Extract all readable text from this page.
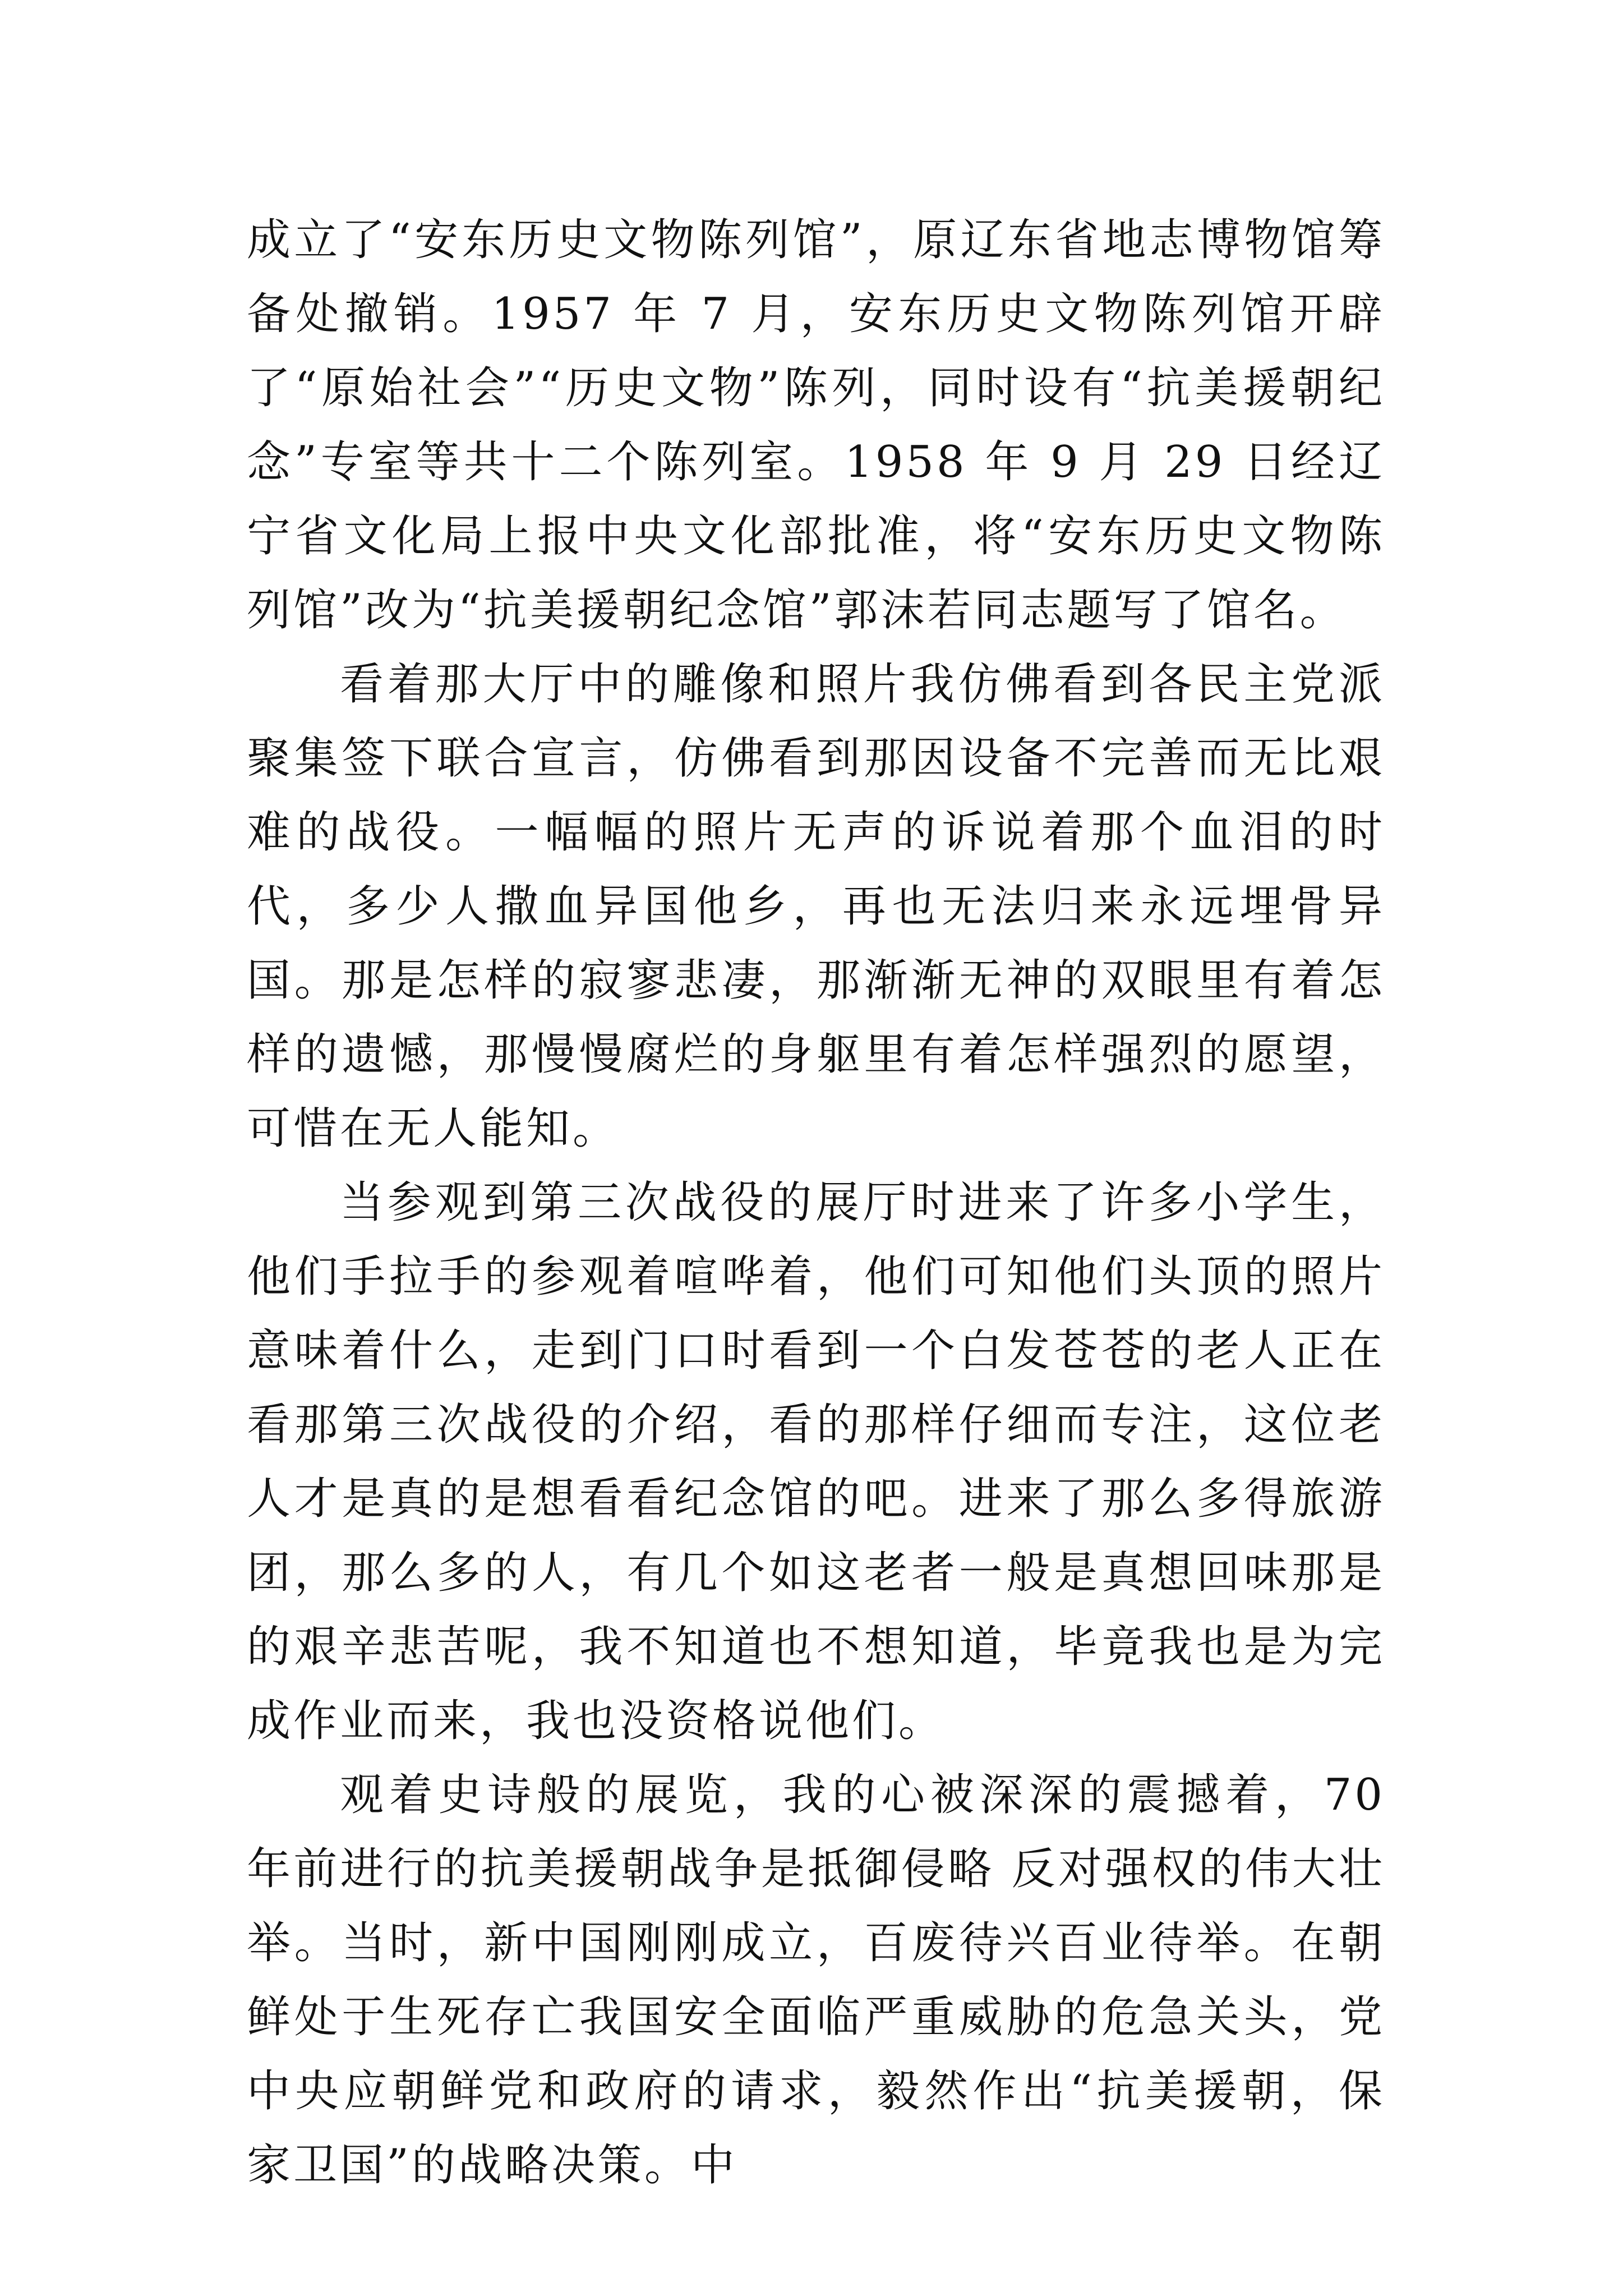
成立了“安东历史文物陈列馆”，原辽东省地志博物馆筹备处撤销。1957 年 7 月，安东历史文物陈列馆开辟了“原始社会”“历史文物”陈列，同时设有“抗美援朝纪念”专室等共十二个陈列室。1958 年 9 月 29 日经辽宁省文化局上报中央文化部批准，将“安东历史文物陈列馆”改为“抗美援朝纪念馆”郭沫若同志题写了馆名。

看着那大厅中的雕像和照片我仿佛看到各民主党派聚集签下联合宣言，仿佛看到那因设备不完善而无比艰难的战役。一幅幅的照片无声的诉说着那个血泪的时代，多少人撒血异国他乡，再也无法归来永远埋骨异国。那是怎样的寂寥悲凄，那渐渐无神的双眼里有着怎样的遗憾，那慢慢腐烂的身躯里有着怎样强烈的愿望，可惜在无人能知。

当参观到第三次战役的展厅时进来了许多小学生，他们手拉手的参观着喧哗着，他们可知他们头顶的照片意味着什么，走到门口时看到一个白发苍苍的老人正在看那第三次战役的介绍，看的那样仔细而专注，这位老人才是真的是想看看纪念馆的吧。进来了那么多得旅游团，那么多的人，有几个如这老者一般是真想回味那是的艰辛悲苦呢，我不知道也不想知道，毕竟我也是为完成作业而来，我也没资格说他们。

观着史诗般的展览，我的心被深深的震撼着，70 年前进行的抗美援朝战争是抵御侵略 反对强权的伟大壮举。当时，新中国刚刚成立，百废待兴百业待举。在朝鲜处于生死存亡我国安全面临严重威胁的危急关头，党中央应朝鲜党和政府的请求，毅然作出“抗美援朝，保家卫国”的战略决策。中
